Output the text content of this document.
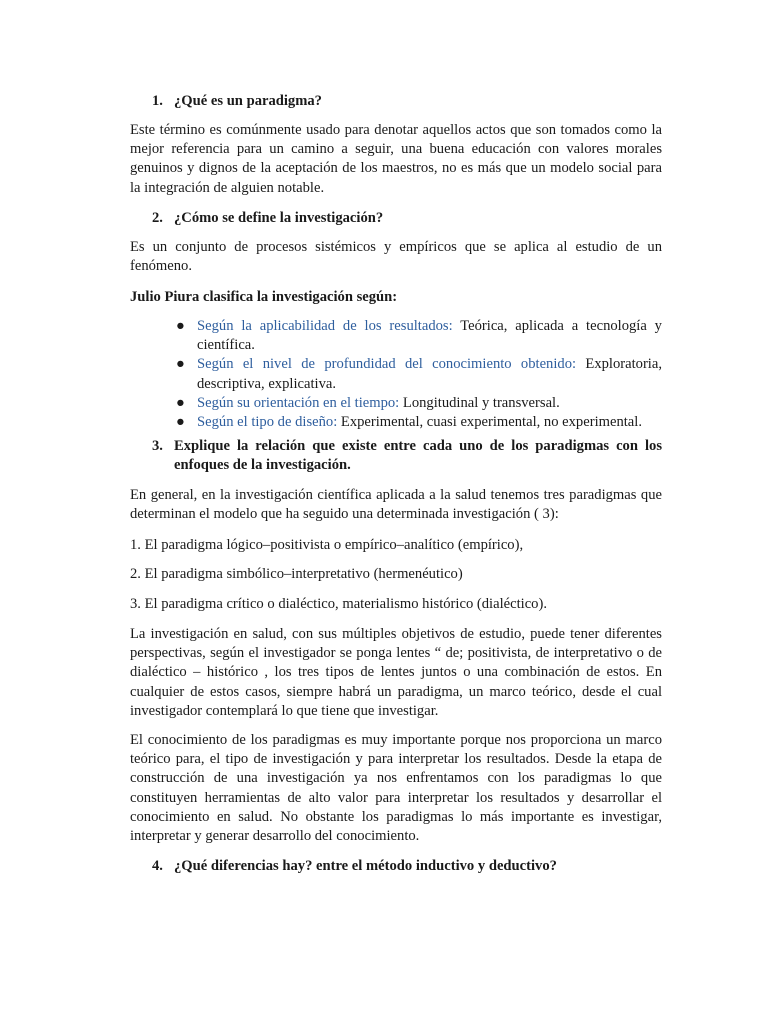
1. ¿Qué es un paradigma?
Este término es comúnmente usado para denotar aquellos actos que son tomados como la mejor referencia para un camino a seguir, una buena educación con valores morales genuinos y dignos de la aceptación de los maestros, no es más que un modelo social para la integración de alguien notable.
2. ¿Cómo se define la investigación?
Es un conjunto de procesos sistémicos y empíricos que se aplica al estudio de un fenómeno.
Julio Piura clasifica la investigación según:
● Según la aplicabilidad de los resultados: Teórica, aplicada a tecnología y científica.
● Según el nivel de profundidad del conocimiento obtenido: Exploratoria, descriptiva, explicativa.
● Según su orientación en el tiempo: Longitudinal y transversal.
● Según el tipo de diseño: Experimental, cuasi experimental, no experimental.
3. Explique la relación que existe entre cada uno de los paradigmas con los enfoques de la investigación.
En general, en la investigación científica aplicada a la salud tenemos tres paradigmas que determinan el modelo que ha seguido una determinada investigación ( 3):
1. El paradigma lógico–positivista o empírico–analítico (empírico),
2. El paradigma simbólico–interpretativo (hermenéutico)
3. El paradigma crítico o dialéctico, materialismo histórico (dialéctico).
La investigación en salud, con sus múltiples objetivos de estudio, puede tener diferentes perspectivas, según el investigador se ponga lentes “ de; positivista, de interpretativo o de dialéctico – histórico , los tres tipos de lentes juntos o una combinación de estos. En cualquier de estos casos, siempre habrá un paradigma, un marco teórico, desde el cual investigador contemplará lo que tiene que investigar.
El conocimiento de los paradigmas es muy importante porque nos proporciona un marco teórico para, el tipo de investigación y para interpretar los resultados. Desde la etapa de construcción de una investigación ya nos enfrentamos con los paradigmas lo que constituyen herramientas de alto valor para interpretar los resultados y desarrollar el conocimiento en salud. No obstante los paradigmas lo más importante es investigar, interpretar y generar desarrollo del conocimiento.
4. ¿Qué diferencias hay? entre el método inductivo y deductivo?
